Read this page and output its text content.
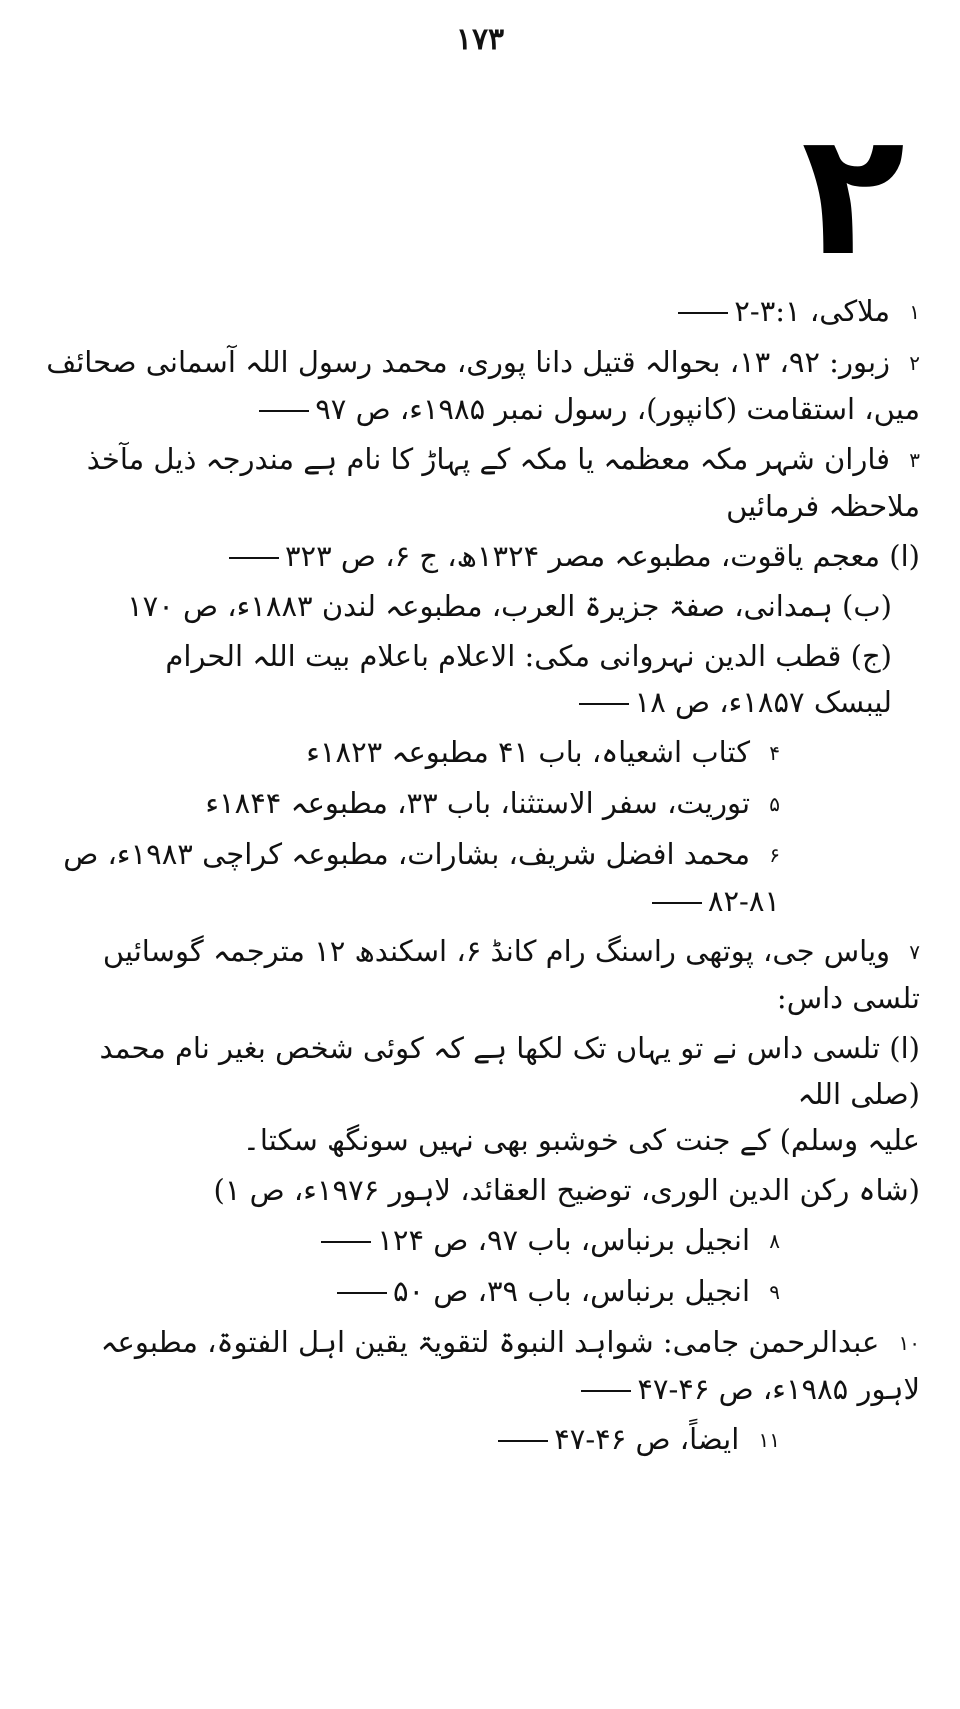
۱۷۳
۲
۱ ملاکی، ۳:۱-۲
۲ زبور: ۹۲، ۱۳، بحوالہ قتیل دانا پوری، محمد رسول اللہ آسمانی صحائف
میں، استقامت (کانپور)، رسول نمبر ۱۹۸۵ء، ص ۹۷
۳ فاران شہر مکہ معظمہ یا مکہ کے پہاڑ کا نام ہے مندرجہ ذیل مآخذ ملاحظہ فرمائیں
(ا) معجم یاقوت، مطبوعہ مصر ۱۳۲۴ھ، ج ۶، ص ۳۲۳
(ب) ہمدانی، صفۃ جزیرۃ العرب، مطبوعہ لندن ۱۸۸۳ء، ص ۱۷۰
(ج) قطب الدین نہروانی مکی: الاعلام باعلام بیت اللہ الحرام
لیبسک ۱۸۵۷ء، ص ۱۸
۴ کتاب اشعیاہ، باب ۴۱ مطبوعہ ۱۸۲۳ء
۵ توریت، سفر الاستثنا، باب ۳۳، مطبوعہ ۱۸۴۴ء
۶ محمد افضل شریف، بشارات، مطبوعہ کراچی ۱۹۸۳ء، ص ۸۱-۸۲
۷ ویاس جی، پوتھی راسنگ رام کانڈ ۶، اسکندھ ۱۲ مترجمہ گوسائیں
تلسی داس:
(ا) تلسی داس نے تو یہاں تک لکھا ہے کہ کوئی شخص بغیر نام محمد (صلی اللہ
علیہ وسلم) کے جنت کی خوشبو بھی نہیں سونگھ سکتا۔
(شاہ رکن الدین الوری، توضیح العقائد، لاہور ۱۹۷۶ء، ص ۱)
۸ انجیل برنباس، باب ۹۷، ص ۱۲۴
۹ انجیل برنباس، باب ۳۹، ص ۵۰
۱۰ عبدالرحمن جامی: شواہد النبوۃ لتقویۃ یقین اہل الفتوۃ، مطبوعہ
لاہور ۱۹۸۵ء، ص ۴۶-۴۷
۱۱ ایضاً، ص ۴۶-۴۷
